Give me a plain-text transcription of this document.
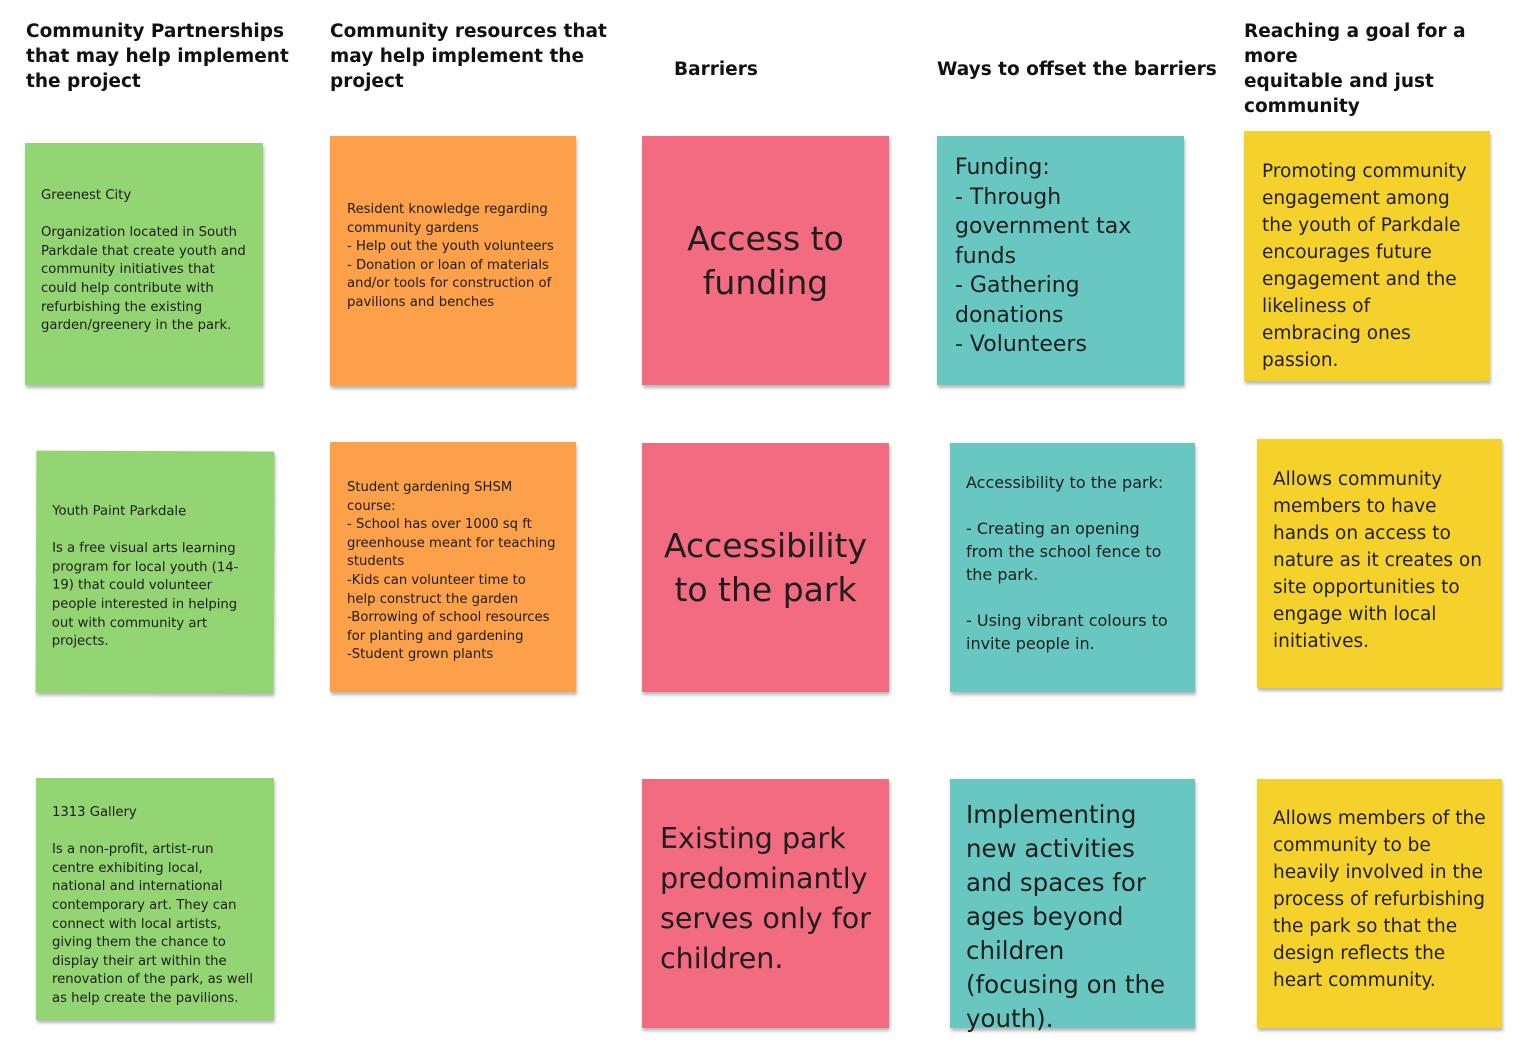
Community Partnerships
that may help implement
the project
Community resources that
may help implement the
project
Barriers	Ways to offset the barriers
Reaching a goal for a more
equitable and just
community
Greenest City

Organization located in South Parkdale that create youth and community initiatives that could help contribute with refurbishing the existing garden/greenery in the park.
Youth Paint Parkdale

Is a free visual arts learning program for local youth (14-19) that could volunteer people interested in helping out with community art projects.
1313 Gallery

Is a non-profit, artist-run centre exhibiting local, national and international contemporary art. They can connect with local artists, giving them the chance to display their art within the renovation of the park, as well as help create the pavilions.
Resident knowledge regarding community gardens
- Help out the youth volunteers
- Donation or loan of materials and/or tools for construction of pavilions and benches
Student gardening SHSM course:
- School has over 1000 sq ft greenhouse meant for teaching students
-Kids can volunteer time to help construct the garden
-Borrowing of school resources for planting and gardening
-Student grown plants
Access to
funding
Accessibility
to the park
Existing park predominantly serves only for children.
Funding:
- Through government tax funds
- Gathering donations
- Volunteers
Accessibility to the park:

- Creating an opening from the school fence to the park.

- Using vibrant colours to invite people in.
Implementing new activities and spaces for ages beyond children (focusing on the youth).
Promoting community engagement among the youth of Parkdale encourages future engagement and the likeliness of embracing ones passion.
Allows community members to have hands on access to nature as it creates on site opportunities to engage with local initiatives.
Allows members of the community to be heavily involved in the process of refurbishing the park so that the design reflects the heart community.
